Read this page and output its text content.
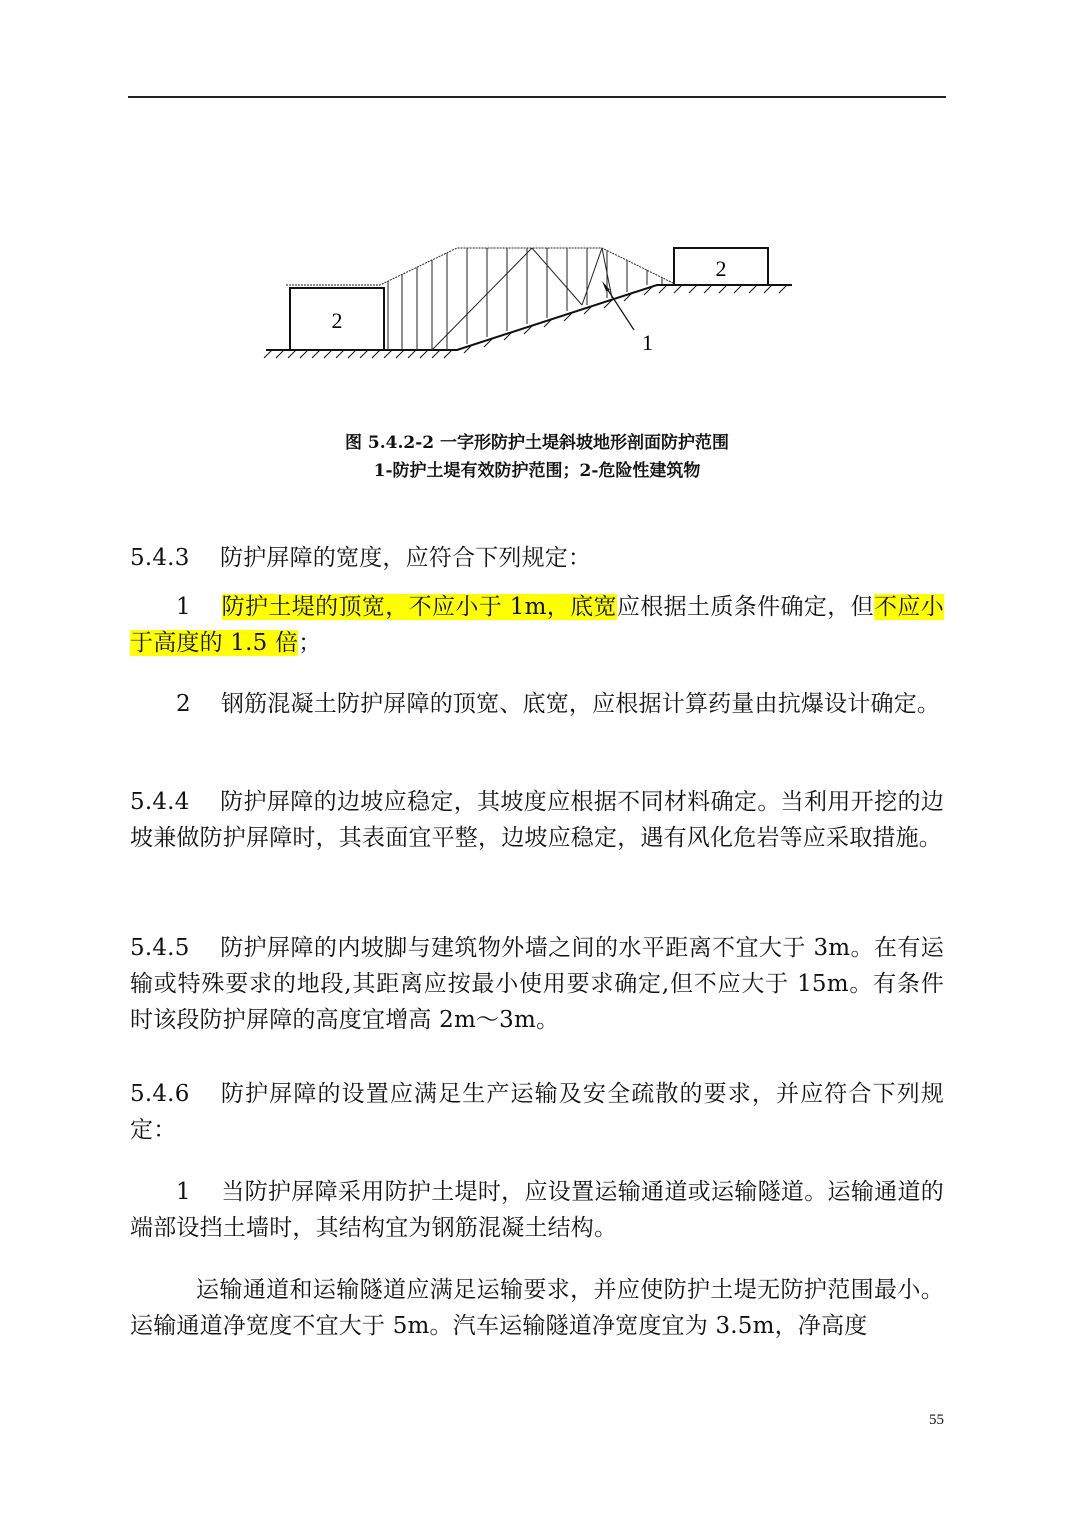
2
2
1
图 5.4.2-2 一字形防护土堤斜坡地形剖面防护范围
1-防护土堤有效防护范围；2-危险性建筑物
5.4.3 防护屏障的宽度，应符合下列规定：
1 防护土堤的顶宽，不应小于 1m，底宽应根据土质条件确定，但不应小于高度的 1.5 倍；
2 钢筋混凝土防护屏障的顶宽、底宽，应根据计算药量由抗爆设计确定。
5.4.4 防护屏障的边坡应稳定，其坡度应根据不同材料确定。当利用开挖的边坡兼做防护屏障时，其表面宜平整，边坡应稳定，遇有风化危岩等应采取措施。
5.4.5 防护屏障的内坡脚与建筑物外墙之间的水平距离不宜大于 3m。在有运输或特殊要求的地段,其距离应按最小使用要求确定,但不应大于 15m。有条件时该段防护屏障的高度宜增高 2m～3m。
5.4.6 防护屏障的设置应满足生产运输及安全疏散的要求，并应符合下列规定：
1 当防护屏障采用防护土堤时，应设置运输通道或运输隧道。运输通道的端部设挡土墙时，其结构宜为钢筋混凝土结构。
运输通道和运输隧道应满足运输要求，并应使防护土堤无防护范围最小。运输通道净宽度不宜大于 5m。汽车运输隧道净宽度宜为 3.5m，净高度
55
